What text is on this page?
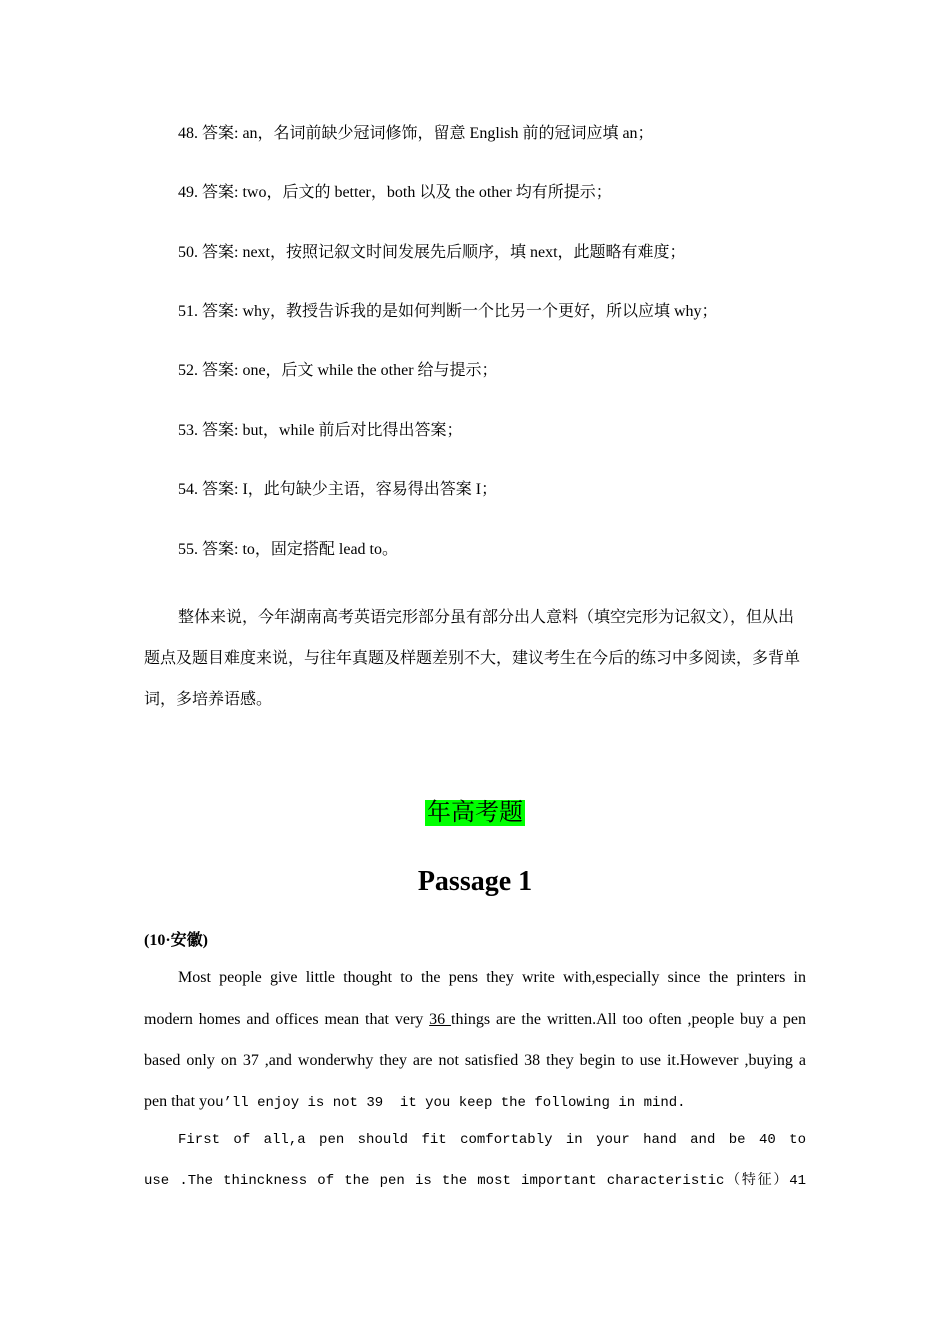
48. 答案: an，名词前缺少冠词修饰，留意 English 前的冠词应填 an；
49. 答案: two，后文的 better，both 以及 the other 均有所提示；
50. 答案: next，按照记叙文时间发展先后顺序，填 next，此题略有难度；
51. 答案: why，教授告诉我的是如何判断一个比另一个更好，所以应填 why；
52. 答案: one，后文 while the other 给与提示；
53. 答案: but，while 前后对比得出答案；
54. 答案: I，此句缺少主语，容易得出答案 I；
55. 答案: to，固定搭配 lead to。

整体来说，今年湖南高考英语完形部分虽有部分出人意料（填空完形为记叙文），但从出题点及题目难度来说，与往年真题及样题差别不大，建议考生在今后的练习中多阅读，多背单词，多培养语感。

年高考题
Passage 1
(10·安徽)
Most people give little thought to the pens they write with,especially since the printers in
modern homes and offices mean that very 36 things are the written.All too often ,people buy a pen
based only on 37 ,and wonderwhy they are not satisfied 38 they begin to use it.However ,buying a
pen that you’ll enjoy is not 39  it you keep the following in mind.
First of all,a pen should fit comfortably in your hand and be 40 to
use .The thinckness of the pen is the most important characteristic（特征）41
